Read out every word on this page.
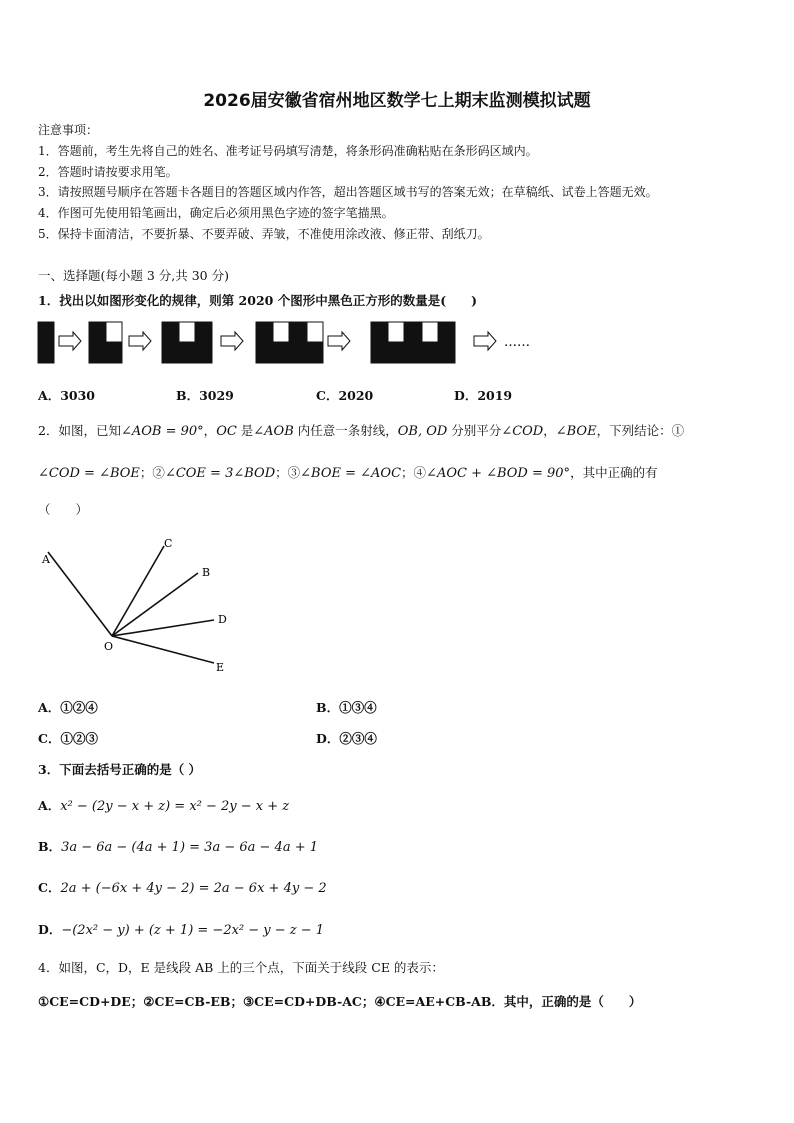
2026届安徽省宿州地区数学七上期末监测模拟试题
注意事项：
1．答题前，考生先将自己的姓名、准考证号码填写清楚，将条形码准确粘贴在条形码区域内。
2．答题时请按要求用笔。
3．请按照题号顺序在答题卡各题目的答题区域内作答，超出答题区域书写的答案无效；在草稿纸、试卷上答题无效。
4．作图可先使用铅笔画出，确定后必须用黑色字迹的签字笔描黑。
5．保持卡面清洁，不要折暴、不要弄破、弄皱，不准使用涂改液、修正带、刮纸刀。
一、选择题(每小题 3 分,共 30 分)
1．找出以如图形变化的规律，则第 2020 个图形中黑色正方形的数量是(　　)
……
A．3030	B．3029	C．2020	D．2019
2．如图，已知∠AOB = 90°，OC 是∠AOB 内任意一条射线，OB, OD 分别平分∠COD，∠BOE，下列结论：①
∠COD = ∠BOE；②∠COE = 3∠BOD；③∠BOE = ∠AOC；④∠AOC + ∠BOD = 90°，其中正确的有
（　　）
A
C
B
D
E
O
A．①②④	B．①③④
C．①②③	D．②③④
3．下面去括号正确的是（ ）
A．x² − (2y − x + z) = x² − 2y − x + z
B．3a − 6a − (4a + 1) = 3a − 6a − 4a + 1
C．2a + (−6x + 4y − 2) = 2a − 6x + 4y − 2
D．−(2x² − y) + (z + 1) = −2x² − y − z − 1
4．如图，C，D，E 是线段 AB 上的三个点，下面关于线段 CE 的表示：
①CE=CD+DE；②CE=CB-EB；③CE=CD+DB-AC；④CE=AE+CB-AB．其中，正确的是（　　）
